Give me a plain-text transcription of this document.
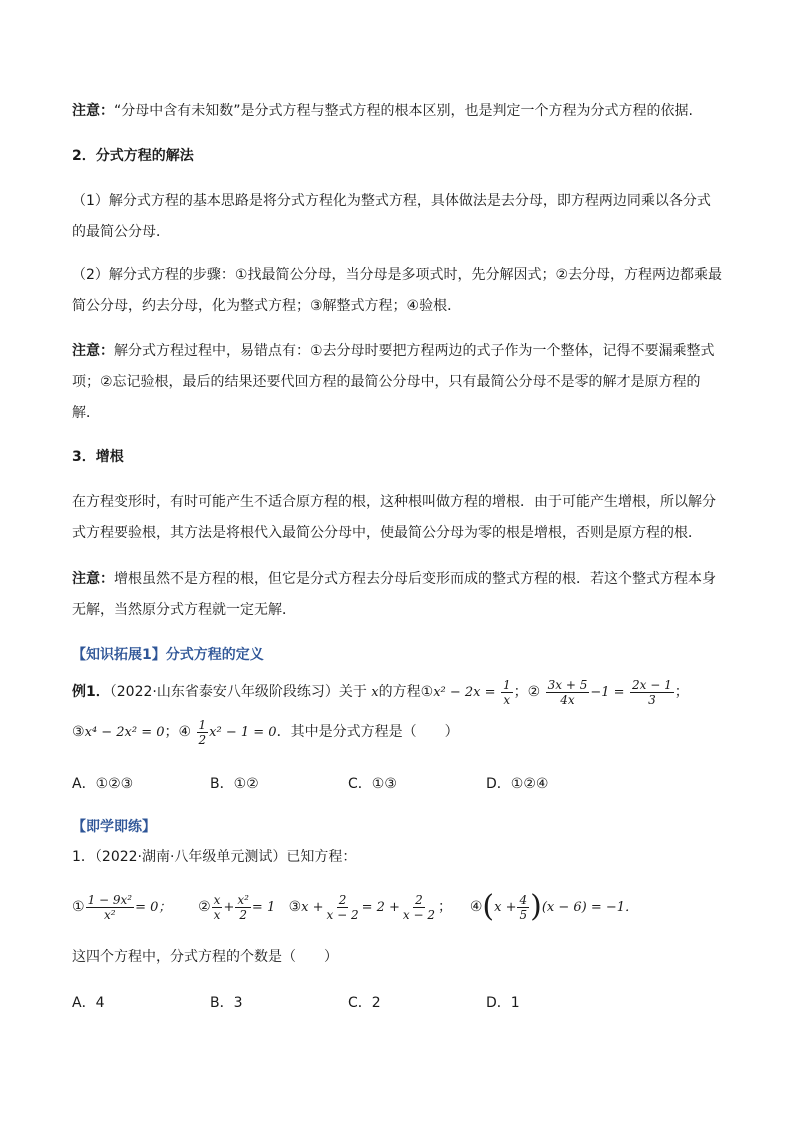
注意：“分母中含有未知数”是分式方程与整式方程的根本区别，也是判定一个方程为分式方程的依据.
2．分式方程的解法
（1）解分式方程的基本思路是将分式方程化为整式方程，具体做法是去分母，即方程两边同乘以各分式的最简公分母．
（2）解分式方程的步骤：①找最简公分母，当分母是多项式时，先分解因式；②去分母，方程两边都乘最简公分母，约去分母，化为整式方程；③解整式方程；④验根．
注意：解分式方程过程中，易错点有：①去分母时要把方程两边的式子作为一个整体，记得不要漏乘整式项；②忘记验根，最后的结果还要代回方程的最简公分母中，只有最简公分母不是零的解才是原方程的解．
3．增根
在方程变形时，有时可能产生不适合原方程的根，这种根叫做方程的增根．由于可能产生增根，所以解分式方程要验根，其方法是将根代入最简公分母中，使最简公分母为零的根是增根，否则是原方程的根．
注意：增根虽然不是方程的根，但它是分式方程去分母后变形而成的整式方程的根．若这个整式方程本身无解，当然原分式方程就一定无解．
【知识拓展1】分式方程的定义
例1．（2022·山东省泰安八年级阶段练习）关于 x的方程①x² − $2x = \frac{1}{x}$ ；② $\frac{3x + 5}{4x} -1 = \frac{2x - 1}{3}$ ；
③x⁴ − 2x² = 0；④ $\frac{1}{2} x^2 - 1 = 0$．其中是分式方程是（　　）
A．①②③	B．①②	C．①③	D．①②④
【即学即练】
1．（2022·湖南·八年级单元测试）已知方程：
① $\frac{\text{1 − 9x²}}{\text{x²}} = 0$； ② $\frac{x}{x} + \frac{\text{x²}}{2} = 1$ ③x + $\frac{2}{x - 2} = 2 + \frac{2}{x - 2}$ ； ④(x + $\frac{4}{5} )(x - 6) = -1$．
这四个方程中，分式方程的个数是（　　）
A．4	B．3	C．2	D．1
